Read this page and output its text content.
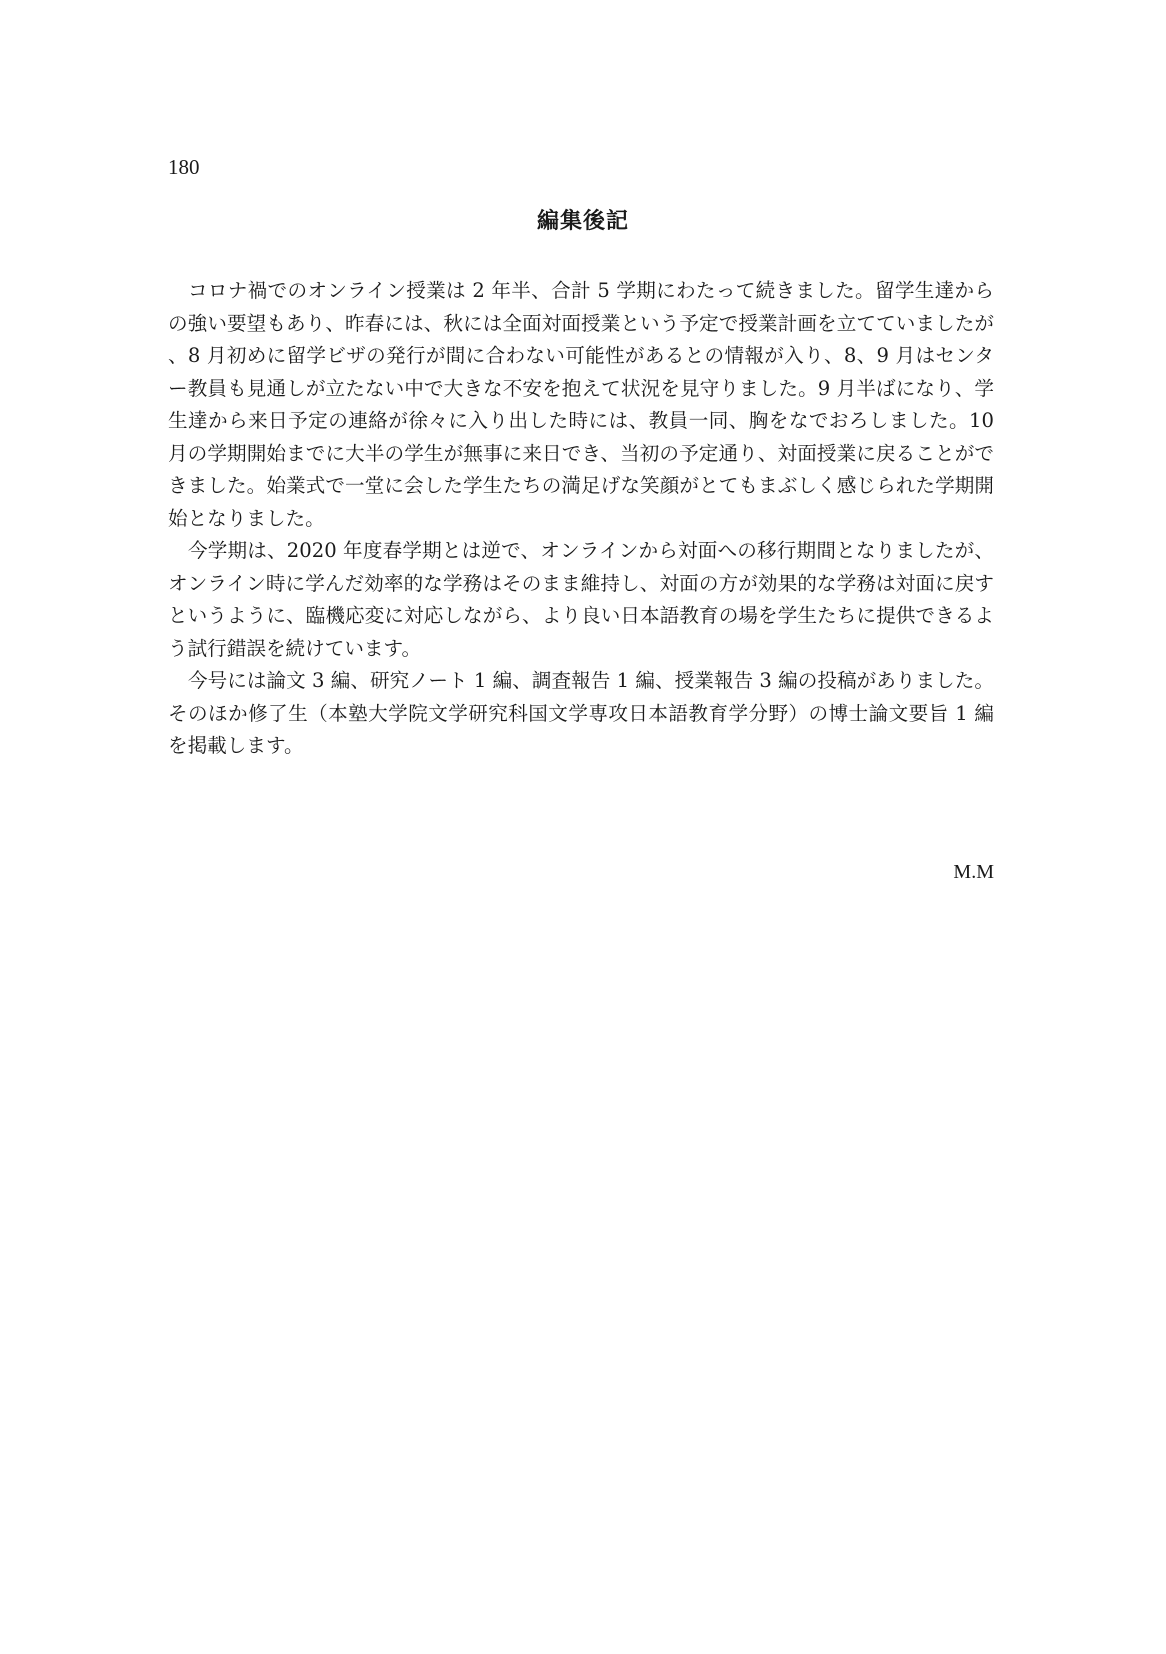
180
編集後記

コロナ禍でのオンライン授業は 2 年半、合計 5 学期にわたって続きました。留学生達からの強い要望もあり、昨春には、秋には全面対面授業という予定で授業計画を立てていましたが、8 月初めに留学ビザの発行が間に合わない可能性があるとの情報が入り、8、9 月はセンター教員も見通しが立たない中で大きな不安を抱えて状況を見守りました。9 月半ばになり、学生達から来日予定の連絡が徐々に入り出した時には、教員一同、胸をなでおろしました。10 月の学期開始までに大半の学生が無事に来日でき、当初の予定通り、対面授業に戻ることができました。始業式で一堂に会した学生たちの満足げな笑顔がとてもまぶしく感じられた学期開始となりました。

今学期は、2020 年度春学期とは逆で、オンラインから対面への移行期間となりましたが、オンライン時に学んだ効率的な学務はそのまま維持し、対面の方が効果的な学務は対面に戻すというように、臨機応変に対応しながら、より良い日本語教育の場を学生たちに提供できるよう試行錯誤を続けています。

今号には論文 3 編、研究ノート 1 編、調査報告 1 編、授業報告 3 編の投稿がありました。そのほか修了生（本塾大学院文学研究科国文学専攻日本語教育学分野）の博士論文要旨 1 編を掲載します。

M.M
